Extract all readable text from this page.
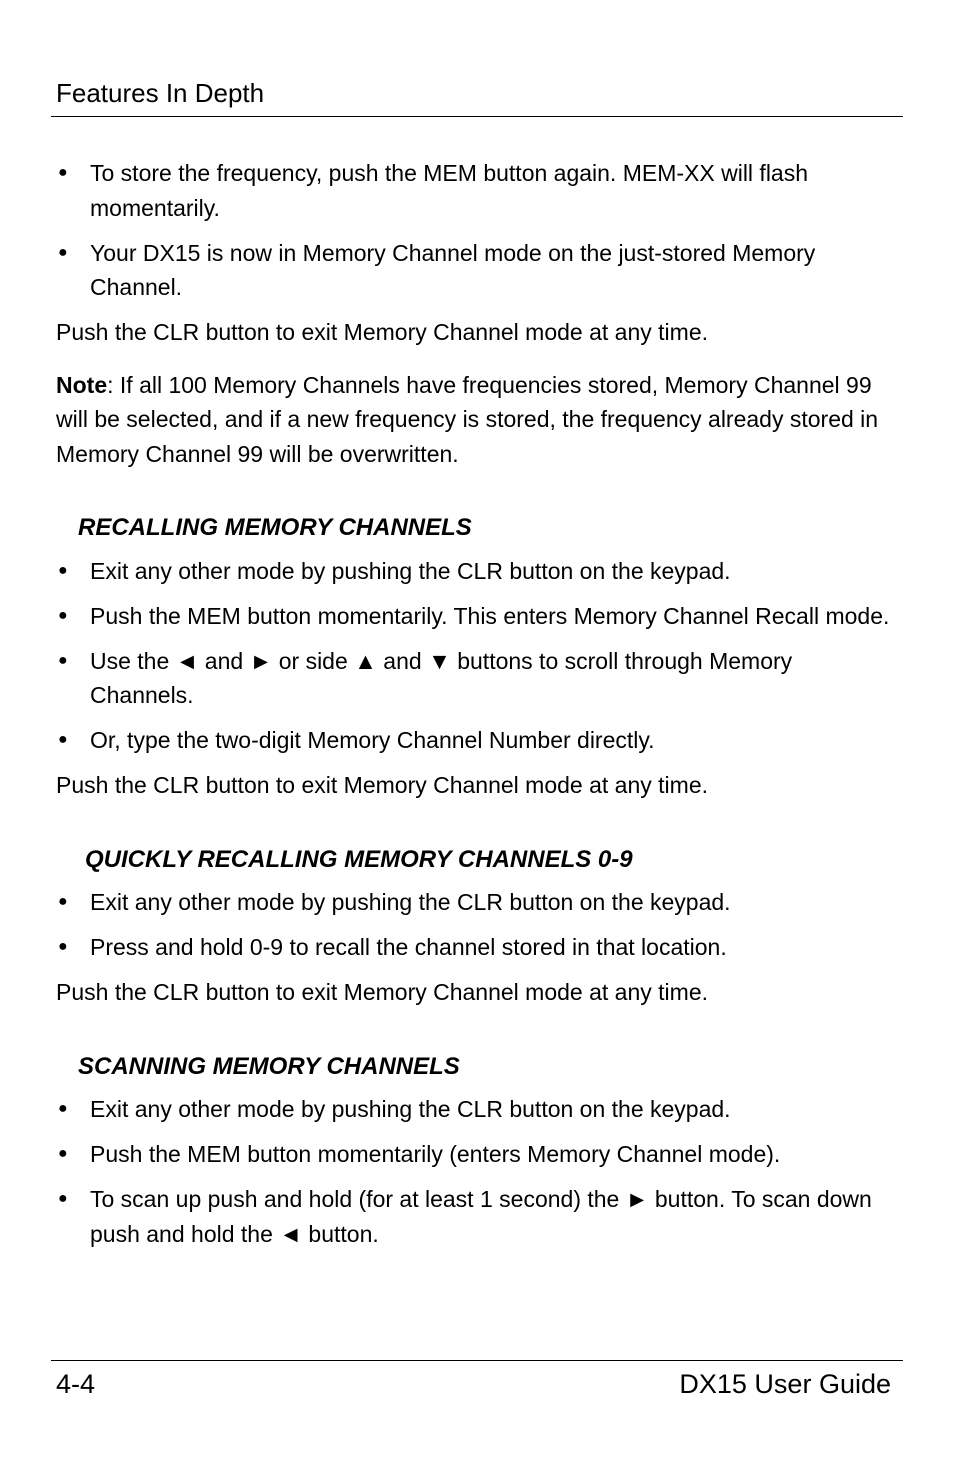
Features In Depth
● To store the frequency, push the MEM button again. MEM-XX will flash momentarily.
● Your DX15 is now in Memory Channel mode on the just-stored Memory Channel.

Push the CLR button to exit Memory Channel mode at any time.

Note: If all 100 Memory Channels have frequencies stored, Memory Channel 99 will be selected, and if a new frequency is stored, the frequency already stored in Memory Channel 99 will be overwritten.

RECALLING MEMORY CHANNELS
● Exit any other mode by pushing the CLR button on the keypad.
● Push the MEM button momentarily. This enters Memory Channel Recall mode.
● Use the ◄ and ► or side ▲ and ▼ buttons to scroll through Memory Channels.
● Or, type the two-digit Memory Channel Number directly.

Push the CLR button to exit Memory Channel mode at any time.

QUICKLY RECALLING MEMORY CHANNELS 0-9
● Exit any other mode by pushing the CLR button on the keypad.
● Press and hold 0-9 to recall the channel stored in that location.

Push the CLR button to exit Memory Channel mode at any time.

SCANNING MEMORY CHANNELS
● Exit any other mode by pushing the CLR button on the keypad.
● Push the MEM button momentarily (enters Memory Channel mode).
● To scan up push and hold (for at least 1 second) the ► button. To scan down push and hold the ◄ button.
4-4	DX15 User Guide
